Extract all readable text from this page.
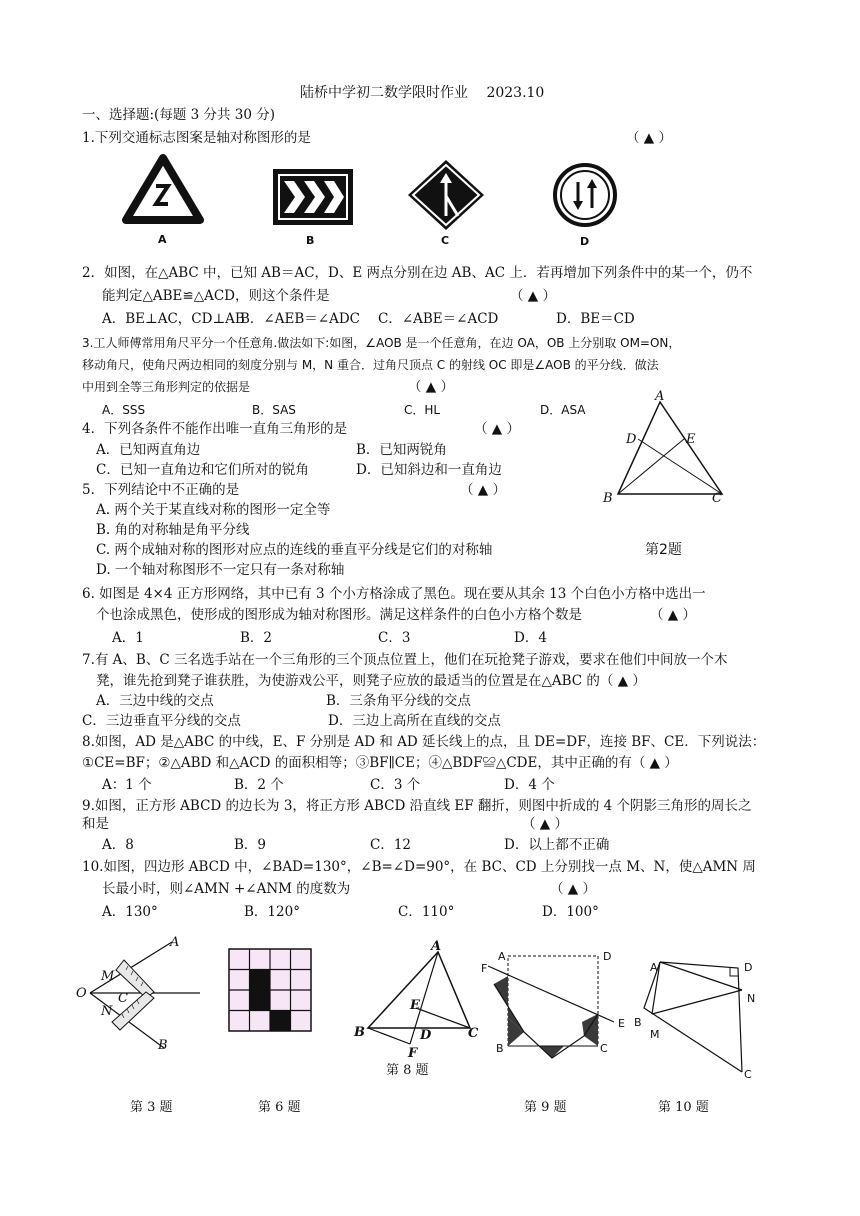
陆桥中学初二数学限时作业　 2023.10
一、选择题:(每题 3 分共 30 分)
1.下列交通标志图案是轴对称图形的是	（ ▲ ）
A	B	C	D
2．如图，在△ABC 中，已知 AB＝AC，D、E 两点分别在边 AB、AC 上．若再增加下列条件中的某一个，仍不
能判定△ABE≌△ACD，则这个条件是	（ ▲ ）
A．BE⊥AC，CD⊥AB
B．∠AEB＝∠ADC C．∠ABE＝∠ACD	D．BE＝CD
3.工人师傅常用角尺平分一个任意角.做法如下:如图，∠AOB 是一个任意角，在边 OA，OB 上分别取 OM=ON，
移动角尺，使角尺两边相同的刻度分别与 M，N 重合．过角尺顶点 C 的射线 OC 即是∠AOB 的平分线．做法
中用到全等三角形判定的依据是	（ ▲ ）
A．SSS	B．SAS	C．HL	D．ASA
A
D	E
B	C
第2题
4．下列各条件不能作出唯一直角三角形的是	（ ▲ ）
A．已知两直角边	B．已知两锐角
C．已知一直角边和它们所对的锐角	D．已知斜边和一直角边
5．下列结论中不正确的是	（ ▲ ）
A. 两个关于某直线对称的图形一定全等
B. 角的对称轴是角平分线
C. 两个成轴对称的图形对应点的连线的垂直平分线是它们的对称轴
D. 一个轴对称图形不一定只有一条对称轴
6. 如图是 4×4 正方形网络，其中已有 3 个小方格涂成了黑色。现在要从其余 13 个白色小方格中选出一
个也涂成黑色，使形成的图形成为轴对称图形。满足这样条件的白色小方格个数是	（ ▲ ）
A．1	B．2	C．3	D．4
7.有 A、B、C 三名选手站在一个三角形的三个顶点位置上，他们在玩抢凳子游戏，要求在他们中间放一个木
凳，谁先抢到凳子谁获胜，为使游戏公平，则凳子应放的最适当的位置是在△ABC 的（ ▲ ）
A．三边中线的交点	B．三条角平分线的交点
C．三边垂直平分线的交点	D．三边上高所在直线的交点
8.如图，AD 是△ABC 的中线，E、F 分别是 AD 和 AD 延长线上的点，且 DE=DF，连接 BF、CE．下列说法：
①CE=BF；②△ABD 和△ACD 的面积相等；③BF∥CE；④△BDF≌△CDE，其中正确的有（ ▲ ）
A：1 个	B．2 个	C．3 个	D．4 个
9.如图，正方形 ABCD 的边长为 3，将正方形 ABCD 沿直线 EF 翻折，则图中折成的 4 个阴影三角形的周长之
和是	（ ▲ ）
A．8	B．9	C．12	D．以上都不正确
10.如图，四边形 ABCD 中，∠BAD=130°，∠B=∠D=90°，在 BC、CD 上分别找一点 M、N，使△AMN 周
长最小时，则∠AMN +∠ANM 的度数为	（ ▲ ）
A．130°	B．120°	C．110°	D．100°
A
M
O C
N
B
A
E
B	D	C
F
第 8 题
A	D
F
E
B	C
A	D
N
M
B
C
第 3 题	第 6 题	第 9 题	第 10 题
